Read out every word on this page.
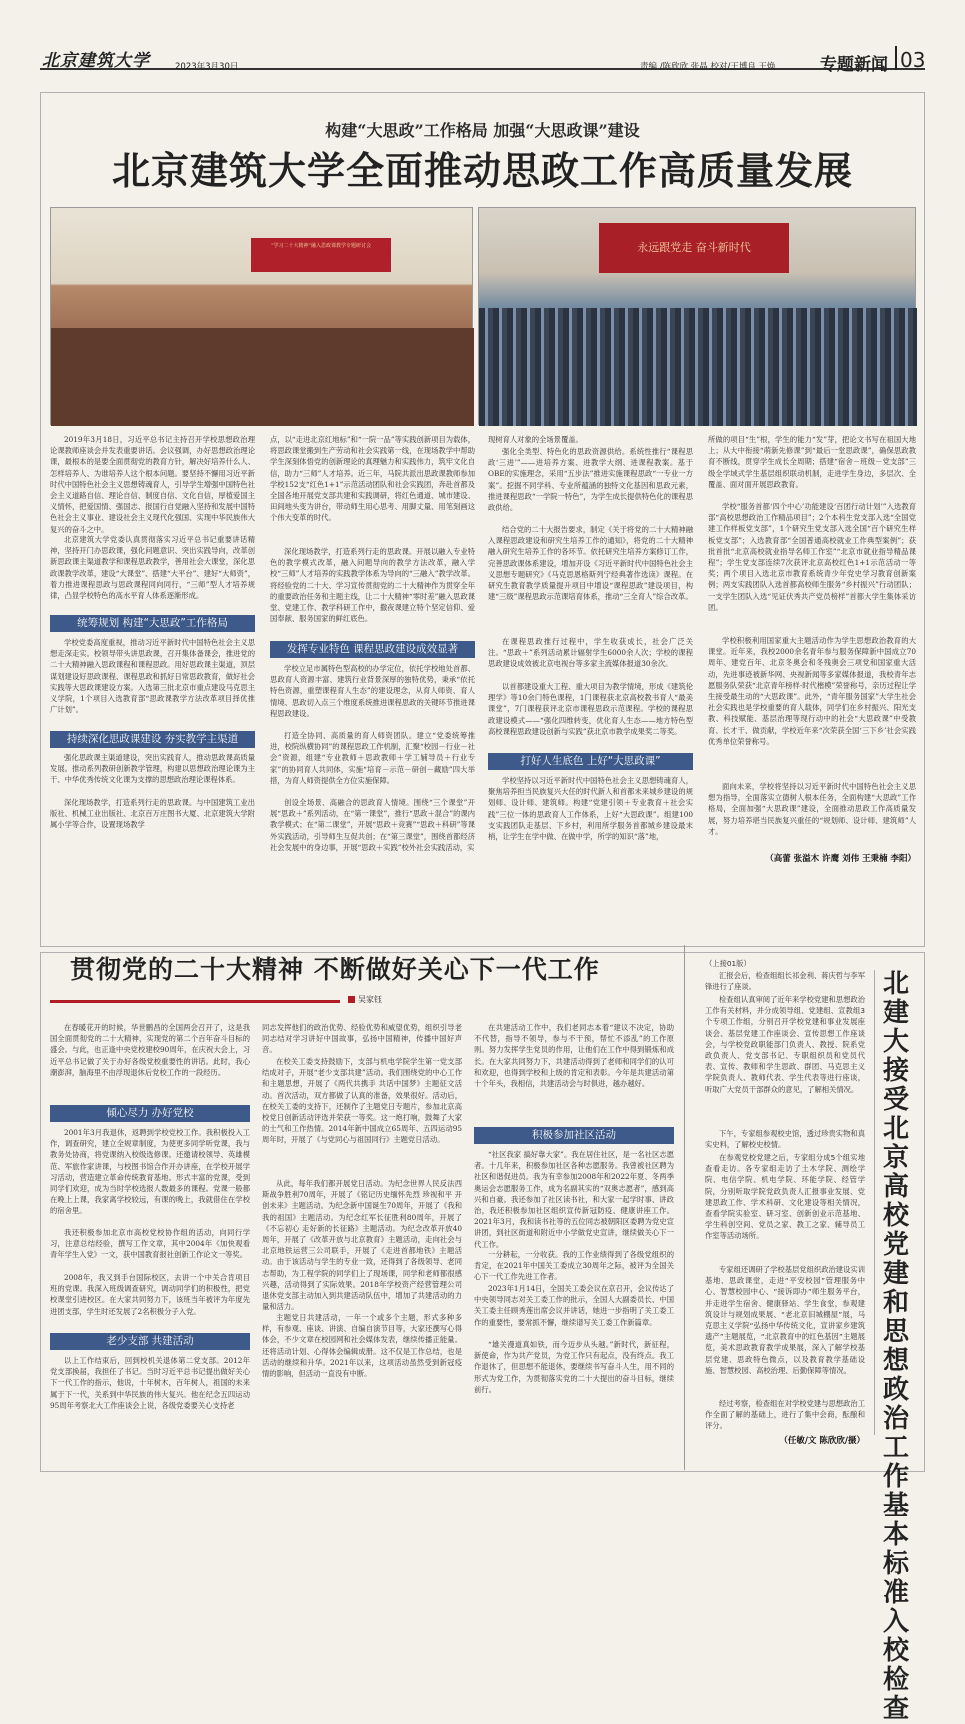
北京建筑大学	2023年3月30日	责编 /陈欣欣 张晶 校对/王博良 王焕	专题新闻 03
构建“大思政”工作格局 加强“大思政课”建设
北京建筑大学全面推动思政工作高质量发展
“学习二十大精神”融入思政课教学专题研讨会	永远跟党走 奋斗新时代

2019年3月18日，习近平总书记主持召开学校思想政治理论课教师座谈会并发表重要讲话。会议强调，办好思想政治理论课，最根本的是要全面贯彻党的教育方针，解决好培养什么人、怎样培养人、为谁培养人这个根本问题。要坚持不懈用习近平新时代中国特色社会主义思想铸魂育人，引导学生增强中国特色社会主义道路自信、理论自信、制度自信、文化自信，厚植爱国主义情怀，把爱国情、强国志、报国行自觉融入坚持和发展中国特色社会主义事业、建设社会主义现代化强国、实现中华民族伟大复兴的奋斗之中。

北京建筑大学党委认真贯彻落实习近平总书记重要讲话精神，坚持开门办思政课，强化问题意识、突出实践导向，改革创新思政课主渠道教学和课程思政教学，善用社会大课堂，深化思政课教学改革，建设“大课堂”、搭建“大平台”、建好“大师资”，着力推进课程思政与思政课程同向同行，“三师”型人才培养规律，凸显学校特色的高水平育人体系逐渐形成。

统筹规划 构建“大思政”工作格局

学校党委高度重视，推动习近平新时代中国特色社会主义思想走深走实。校领导带头讲思政课，召开集体备课会，推进党的二十大精神融入思政课程和课程思政。用好思政课主渠道，顶层谋划建设好思政课程、课程思政和抓好日常思政教育，做好社会实践等大思政课建设方案。入选第三批北京市重点建设马克思主义学院，1个项目入选教育部“思政课教学方法改革项目择优推广计划”。

持续深化思政课建设 夯实教学主渠道

强化思政课主渠道建设，突出实践育人，推动思政课高质量发展。推动系列教研创新教学管理，构建以思想政治理论课为主干、中华优秀传统文化课为支撑的思想政治理论课程体系。

深化现场教学，打造系列行走的思政课。与中国建筑工业出版社、机械工业出版社、北京百万庄图书大厦、北京建筑大学附属小学等合作，设置现场教学

点，以“走进北京红地标”和“一院一品”等实践创新项目为载体，将思政课堂搬到生产劳动和社会实践第一线，在现场教学中帮助学生深刻体悟党的创新理论的真理魅力和实践伟力，筑牢文化自信，助力“三师”人才培养。近三年，马院共派出思政课教师参加学校152支“红色1+1”示范活动团队和社会实践团，奔赴首都及全国各地开展党支部共建和实践调研，将红色通道、城市建设、田间地头变为讲台，带动师生用心思考、用脚丈量、用笔刻画这个伟大变革的时代。

深化现场教学，打造系列行走的思政课。开展以融入专业特色的教学模式改革，融入问题导向的教学方法改革，融入学校“三师”人才培养的实践教学体系为导向的“三融入”教学改革。将经验党的二十大、学习宣传贯彻党的二十大精神作为贯穿全年的重要政治任务和主题主线，让二十大精神“零时差”融入思政课堂、党建工作、教学科研工作中，撒夜课建立特个坚定信仰、爱国奉献、服务国家的鲜红底色。

发挥专业特色 课程思政建设成效显著

学校立足市属特色型高校的办学定位，依托学校地处首都、思政育人资源丰富、建筑行业背景深厚的独特优势，秉承“依托特色资源，重塑课程育人生态”的建设理念，从育人师资、育人情境、思政切入点三个维度系统推进课程思政的关键环节推进课程思政建设。

打造全协同、高质量的育人师资团队。建立“党委统筹推进，校院纵横协同”的课程思政工作机制，汇聚“校园－行业－社会”资源，组建“专业教师＋思政教师＋学工辅导员＋行业专家”的协同育人共同体，实施“培育－示范－研创－藏励”四大举措，为育人师资提供全方位实施保障。

创设全场景、高融合的思政育人情境。围绕“三个课堂”开展“思政＋”系列活动，在“第一课堂”，推行“思政＋混合”的课内教学模式；在“第二课堂”，开展“思政＋竞赛”“思政＋科研”等课外实践活动，引导师生互促共创；在“第三课堂”，围绕首都经济社会发展中的身边事，开展“思政＋实践”校外社会实践活动，实

现树育人对象的全场景覆盖。

强化全类型、特色化的思政资源供给。系统性推行“课程思政‘三进’”——进培养方案、进教学大纲、进课程教案。基于OBE的实施理念，采用“五步法”推进实施课程思政“一专业一方案”。挖掘不同学科、专业所蕴涵的独特文化基因和思政元素，推进课程思政“一学院一特色”，为学生成长提供特色化的课程思政供给。

结合党的二十大报告要求，制定《关于将党的二十大精神融入课程思政建设和研究生培养工作的通知》，将党的二十大精神融入研究生培养工作的各环节。依托研究生培养方案修订工作，完善思政课体系建设，增加开设《习近平新时代中国特色社会主义思想专题研究》《马克思恩格斯列宁经典著作选读》课程。在研究生教育教学质量提升项目中增设“课程思政”建设项目，构建“三级”课程思政示范课培育体系，推动“三全育人”综合改革。

在课程思政推行过程中，学生收获成长，社会广泛关注。“思政＋”系列活动累计辐射学生6000余人次；学校的课程思政建设成效被北京电视台等多家主流媒体报道30余次。

以首都建设重大工程、重大项目为教学情境，形成《建筑伦理学》等10余门特色课程，1门课程获北京高校教书育人“最美课堂”，7门课程获评北京市课程思政示范课程。学校的课程思政建设模式——“强化四维转变，优化育人生态——地方特色型高校课程思政建设创新与实践”获北京市教学成果奖二等奖。

打好人生底色 上好“大思政课”

学校坚持以习近平新时代中国特色社会主义思想铸魂育人，聚焦培养担当民族复兴大任的时代新人和首都未来城乡建设的规划师、设计师、建筑师。构建“党建引领＋专业教育＋社会实践”三位一体的思政育人工作体系，上好“大思政课”。组建100支实践团队走基层、下乡村，利用所学服务首都城乡建设最末梢，让学生在学中做、在做中学，所学的知识“落”地，

所做的项目“生”根，学生的能力“发”芽，把论文书写在祖国大地上；从大中衔接“萌新先修课”到“最后一堂思政课”，确保思政教育不断线，贯穿学生成长全周期；搭建“宿舍－班级－党支部”三级全学域式学生基层组织联动机制，走进学生身边，多层次、全覆盖、面对面开展思政教育。

学校“服务首都‘四个中心’功能建设‘百团行动计划’”入选教育部“高校思想政治工作精品项目”；2个本科生党支部入选“全国党建工作样板党支部”，1个研究生党支部入选全国“百个研究生样板党支部”；入选教育部“全国普通高校就业工作典型案例”；获批首批“北京高校就业指导名师工作室”“北京市就业指导精品课程”；学生党支部连续7次获评北京高校红色1+1示范活动一等奖；两个项目入选北京市教育系统青少年党史学习教育创新案例；两支实践团队入选首都高校师生服务“乡村振兴”行动团队；一支学生团队入选“见证伏秀共产党员榜样”首都大学生集体采访团。

学校积极利用国家重大主题活动作为学生思想政治教育的大课堂。近年来，我校2000余名青年参与服务保障新中国成立70周年、建党百年、北京冬奥会和冬残奥会三项党和国家重大活动，先进事迹被新华网、央视新闻等多家媒体报道，我校青年志愿服务队荣获“北京青年榜样·时代楷模”荣誉称号，亲历过程让学生接受最生动的“大思政课”。此外，“青年服务国家”大学生社会社会实践也是学校重要的育人载体，同学们在乡村振兴、阳光支教、科技赋能、基层治理等现行动中的社会“大思政课”中受教育、长才干、做贡献，学校近年来“次荣获全国‘三下乡’社会实践优秀单位荣誉称号。

面向未来，学校将坚持以习近平新时代中国特色社会主义思想为指导，全面落实立德树人根本任务，全面构建“大思政”工作格局，全面加强“大思政课”建设，全面推动思政工作高质量发展，努力培养堪当民族复兴重任的“规划师、设计师、建筑师”人才。

（高蕾 张溢木 许鹰 刘伟 王秉楠 李阳）
贯彻党的二十大精神 不断做好关心下一代工作
吴家钰

在春暖花开的时候，华世鹏昌的全国两会召开了，这是我国全面贯彻党的二十大精神，实现党的第二个百年奋斗目标的盛会。与此，也正逢中央党校建校90周年，在庆祝大会上，习近平总书记做了关于办好各级党校重要性的讲话。此时，我心潮澎湃，脑海里不由浮现退休后党校工作的一段经历。

倾心尽力 办好党校

2001年3月我退休，返聘到学校党校工作。我积极投入工作，调查研究，建立全规章制度，为使更多同学听党课，我与教务处协商，将党课纳入校级选修课。还邀请校领导、英雄模范、军旅作家讲课，与校图书馆合作开办讲座，在学校开展学习活动，营造建立革命传统教育基地。形式丰富的党课，受到同学们欢迎，成为当时学校选报人数最多的课程。党课一般都在晚上上课，我家离学校较远，有课的晚上，我就借住在学校的宿舍里。

我还积极参加北京市高校党校协作组的活动，向同行学习，注意总结经验，撰写工作文章，其中2004年《加快观看青年学生入党》一文，获中国教育报社创新工作论文一等奖。

2008年，我又到手台国际校区，去讲一个中关合肯项目班的党课。我深入班级调查研究，调动同学们的积极性，把党校课堂引进校区。在大家共同努力下，该班当年被评为年度先进团支部，学生时还发展了2名积极分子入党。

老少支部 共建活动

以上工作结束后，回到校机关退体第二党支部。2012年党支部换届，我担任了书记。当时习近平总书记提出做好关心下一代工作的指示，他说，十年树木，百年树人，祖国的未来属于下一代，关系到中华民族的伟大复兴。他在纪念五四运动95周年考察北大工作座谈会上说，各级党委要关心支持老

同志发挥他们的政治优势、经验优势和威望优势，组织引导老同志结对学习讲好中国故事，弘扬中国精神，传播中国好声音。

在校关工委支持鼓励下，支部与机电学院学生第一党支部结成对子，开展“老少支部共建”活动。我们围绕党的中心工作和主题思想，开展了《两代共携手 共话中国梦》主题征文活动。首次活动，双方都做了认真的准备，效果很好。活动后，在校关工委的支持下，还制作了主题党日专题片，参加北京高校党日创新活动评选并荣获一等奖。这一炮打响，鼓舞了大家的士气和工作热情。2014年新中国成立65周年、五四运动95周年时，开展了《与党同心与祖国同行》主题党日活动。

从此，每年我们都开展党日活动。为纪念世界人民反法西斯战争胜利70周年，开展了《铭记历史缅怀先烈 珍视和平 开创未来》主题活动。为纪念新中国诞生70周年，开展了《我和我的祖国》主题活动。为纪念红军长征胜利80周年，开展了《不忘初心 走好新的长征路》主题活动。为纪念改革开放40周年，开展了《改革开放与北京教育》主题活动，走向社会与北京地铁运营三公司联手，开展了《走进首都地铁》主题活动。由于该活动与学生的专业一致，还得到了各级领导、老同志帮助，为工程学院的同学们上了现场课，同学和老师都很感兴趣，活动得到了实际效果。2018年学校资产经营管理公司退休党支部主动加入到共建活动队伍中，增加了共建活动的力量和活力。

主题党日共建活动，一年一个或多个主题，形式多种多样，有参观、座谈、讲演、自编自演节目等，大家还撰写心得体会，不少文章在校园网和社会媒体发表，继续传播正能量。还将活动计划、心得体会编辑成册。这不仅是工作总结，也是活动的继续和升华。2021年以来，这项活动虽然受到新冠疫情的影响，但活动一直没有中断。

在共建活动工作中，我们老同志本着“建议不决定，协助不代替，指导不领导，参与不干预，帮忙不添乱”的工作原则。努力发挥学生党员的作用，让他们在工作中得到锻炼和成长。在大家共同努力下，共建活动得到了老师和同学们的认可和欢迎，也得到学校和上级的肯定和表彰。今年是共建活动第十个年头，我相信，共建活动会与时俱进，越办越好。

积极参加社区活动

“社区我家 搞好靠大家”。我在居住社区，是一名社区志愿者。十几年来，积极参加社区各种志愿服务。我曾被社区聘为社区和谐促进员。我为有幸参加2008年和2022年夏、冬两季奥运会志愿服务工作，成为名副其实的“双奥志愿者”，感到高兴和自豪。我还参加了社区读书社，和大家一起学时事、讲政治，我还积极参加社区组织宣传新冠防疫、健康讲座工作。2021年3月，我和读书社等的五位同志被朝阳区委聘为党史宣讲团，到社区街道和附近中小学做党史宣讲，继续做关心下一代工作。

一分耕耘，一分收获。我的工作业绩得到了各级党组织的肯定，在2021年中国关工委成立30周年之际，被评为全国关心下一代工作先进工作者。

2023年1月14日，全国关工委会议在京召开，会议传达了中央领导同志对关工委工作的批示，全国人大副委员长、中国关工委主任顾秀莲出席会议并讲话，她进一步指明了关工委工作的重要性，要常抓不懈，继续谱写关工委工作新篇章。

“雄关漫道真如铁，而今迈步从头越。”新时代，新征程，新使命，作为共产党员，为党工作只有起点，没有终点。我工作退休了，但思想不能退休，要继续书写奋斗人生，用不同的形式为党工作，为贯彻落实党的二十大提出的奋斗目标，继续前行。

（上接01版）

汇报会后，检查组组长祁金利、蒋庆哲与李军锋进行了座谈。

检查组认真审阅了近年来学校党建和思想政治工作有关材料，并分成领导组、党建组、宣教组3个专项工作组，分别召开学校党建和事业发展座谈会、基层党建工作座谈会、宣传思想工作座谈会，与学校党政职能部门负责人、教授、院系党政负责人、党支部书记、专职组织员和党员代表、宣传、教师和学生思政、群团、马克思主义学院负责人、教师代表、学生代表等进行座谈，听取广大党员干部群众的意见，了解相关情况。

下午，专家组参观校史馆，透过珍贵实物和真实史料，了解校史校情。

在参观党校党建之后，专家组分成5个组实地查看走访。各专家组走访了土木学院、测绘学院、电信学院、机电学院、环能学院、经管学院，分别听取学院党政负责人汇报事业发展、党建思政工作、学术科研、文化建设等相关情况，查看学院实验室、研习室、创新创业示范基地、学生科创空间、党员之家、教工之家、辅导员工作室等活动场所。

专家组还调研了学校基层党组织政治建设实训基地、思政课堂，走进“平安校园”管理服务中心、智慧校园中心、“接诉即办”师生服务平台，并走进学生宿舍、健康驿站、学生食堂，参观建筑设计与规划成果展、“老北京旧城棚屋”展，马克思主义学院“弘扬中华传统文化，宣讲家乡建筑遗产”主题展览，“北京教育中的红色基因”主题展览，美术思政教育教学成果展，深入了解学校基层党建、思政特色微点，以及教育教学基础设施、智慧校园、高校治理、后勤保障等情况。

经过考察，检查组在对学校党建与思想政治工作全面了解的基础上，进行了集中会商，酝酿和评分。

（任敏/文 陈欣欣/摄）
北建大接受北京高校党建和思想政治工作基本标准入校检查
